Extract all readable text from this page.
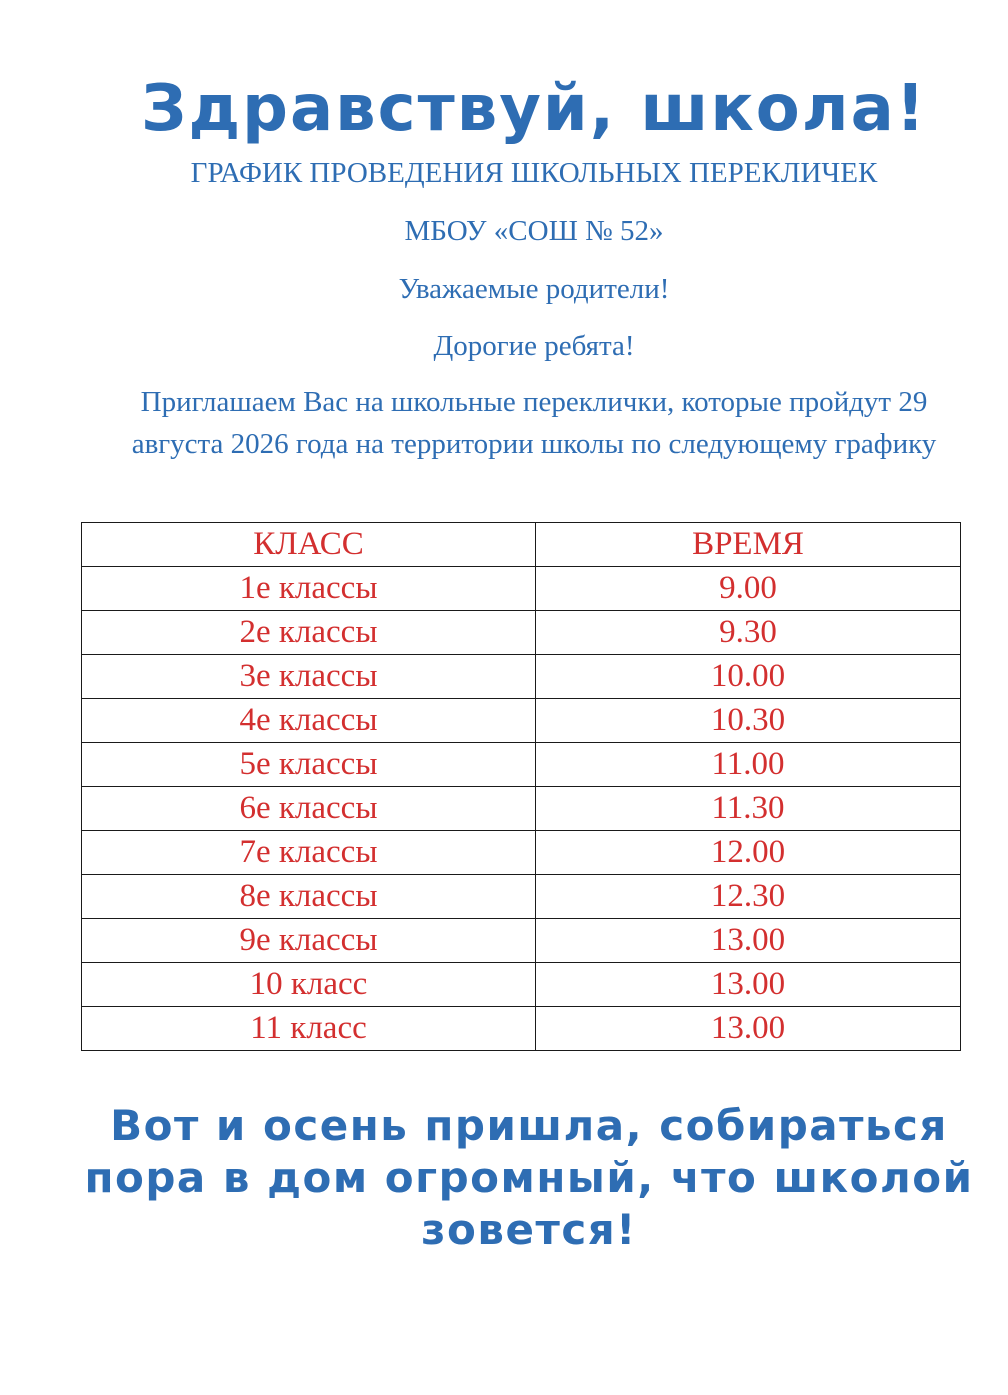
Здравствуй, школа!
ГРАФИК ПРОВЕДЕНИЯ ШКОЛЬНЫХ ПЕРЕКЛИЧЕК
МБОУ «СОШ № 52»
Уважаемые родители!
Дорогие ребята!
Приглашаем Вас на школьные переклички, которые пройдут 29 августа 2026 года на территории школы по следующему графику
КЛАСС	ВРЕМЯ
1е классы	9.00
2е классы	9.30
3е классы	10.00
4е классы	10.30
5е классы	11.00
6е классы	11.30
7е классы	12.00
8е классы	12.30
9е классы	13.00
10 класс	13.00
11 класс	13.00
Вот и осень пришла, собираться пора в дом огромный, что школой зовется!
